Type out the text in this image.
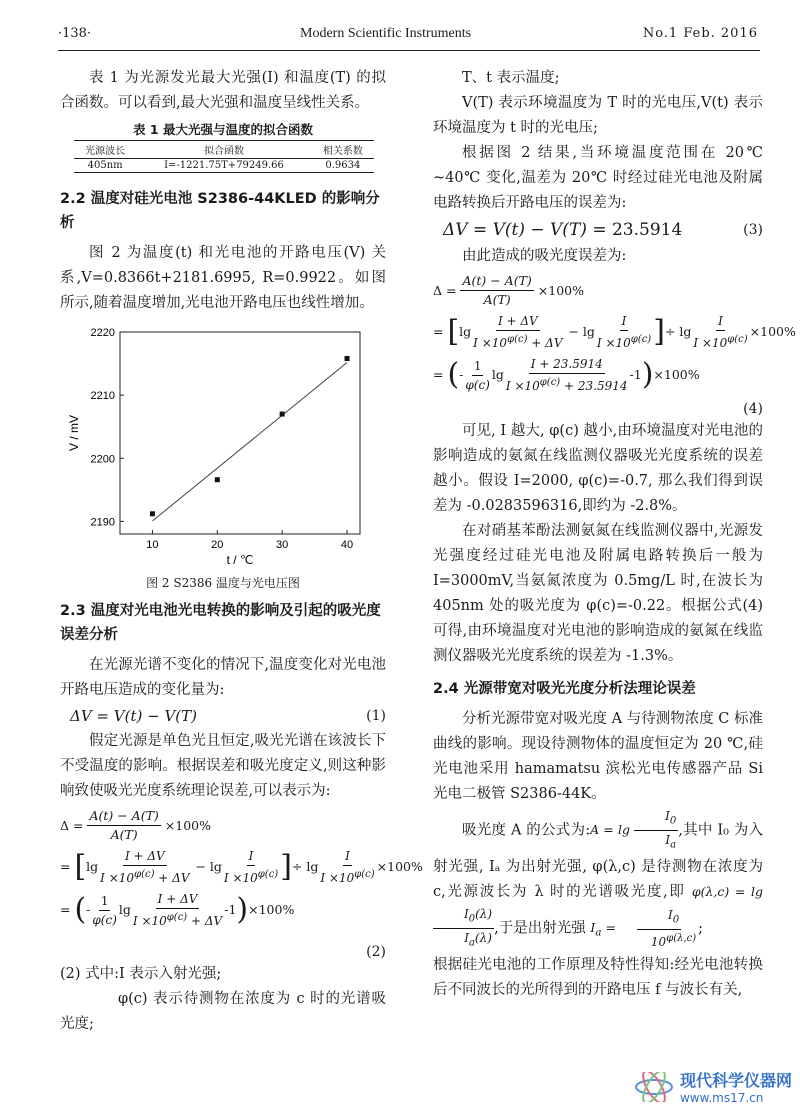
·138·	Modern Scientific Instruments	No.1 Feb. 2016

表 1 为光源发光最大光强(I) 和温度(T) 的拟合函数。可以看到,最大光强和温度呈线性关系。

表 1 最大光强与温度的拟合函数
光源波长	拟合函数	相关系数
405nm	I=-1221.75T+79249.66	0.9634
2.2 温度对硅光电池 S2386-44KLED 的影响分析

图 2 为温度(t) 和光电池的开路电压(V) 关系,V=0.8366t+2181.6995, R=0.9922。如图所示,随着温度增加,光电池开路电压也线性增加。

10	20	30	40
2190
2200
2210
2220
t / ℃
V / mV
图 2 S2386 温度与光电压图
2.3 温度对光电池光电转换的影响及引起的吸光度误差分析

在光源光谱不变化的情况下,温度变化对光电池开路电压造成的变化量为:

ΔV = V(t) − V(T)	(1)

假定光源是单色光且恒定,吸光光谱在该波长下不受温度的影响。根据误差和吸光度定义,则这种影响致使吸光光度系统理论误差,可以表示为:

$\Delta = \frac{A(t) - A(T)}{A(T)} \times 100\%$
= [ $\lg \frac{I + \Delta V}{I \times 10^{\varphi(c)} + \Delta V} - \lg \frac{I}{I \times 10^{\varphi(c)}}$ ] ÷ $\lg \frac{I}{I \times 10^{\varphi(c)}} \times 100\%$
= ( - $\frac{1}{\varphi(c)}$ $\lg \frac{I + \Delta V}{I \times 10^{\varphi(c)} + \Delta V} -1$ ) ×100%
(2)

(2) 式中:I 表示入射光强;

φ(c) 表示待测物在浓度为 c 时的光谱吸光度;

T、t 表示温度;

V(T) 表示环境温度为 T 时的光电压,V(t) 表示环境温度为 t 时的光电压;

根据图 2 结果,当环境温度范围在 20℃ ~40℃ 变化,温差为 20℃ 时经过硅光电池及附属电路转换后开路电压的误差为:

ΔV = V(t) − V(T) = 23.5914	(3)

由此造成的吸光度误差为:

$\Delta = \frac{A(t) - A(T)}{A(T)} \times 100\%$
= [ $\lg \frac{I + \Delta V}{I \times 10^{\varphi(c)} + \Delta V} - \lg \frac{I}{I \times 10^{\varphi(c)}}$ ] ÷ $\lg \frac{I}{I \times 10^{\varphi(c)}} \times 100\%$
= ( - $\frac{1}{\varphi(c)}$ $\lg \frac{I + 23.5914}{I \times 10^{\varphi(c)} + 23.5914} -1$ ) ×100%
(4)

可见, I 越大, φ(c) 越小,由环境温度对光电池的影响造成的氨氮在线监测仪器吸光光度系统的误差越小。假设 I=2000, φ(c)=-0.7, 那么我们得到误差为 -0.0283596316,即约为 -2.8%。

在对硝基苯酚法测氨氮在线监测仪器中,光源发光强度经过硅光电池及附属电路转换后一般为 I=3000mV,当氨氮浓度为 0.5mg/L 时,在波长为 405nm 处的吸光度为 φ(c)=-0.22。根据公式(4) 可得,由环境温度对光电池的影响造成的氨氮在线监测仪器吸光光度系统的误差为 -1.3%。

2.4 光源带宽对吸光光度分析法理论误差

分析光源带宽对吸光度 A 与待测物浓度 C 标准曲线的影响。现设待测物体的温度恒定为 20 ℃,硅光电池采用 hamamatsu 滨松光电传感器产品 Si 光电二极管 S2386-44K。

吸光度 A 的公式为:A = $\lg \frac{I_0}{I_a}$ ,其中 I₀ 为入射光强, Iₐ 为出射光强, φ(λ,c) 是待测物在浓度为 c,光源波长为 λ 时的光谱吸光度,即 φ(λ,c) = lg
$\frac{I_0(\lambda)}{I_a(\lambda)}$ ,于是出射光强 $I_a = \frac{I_0}{10^{\varphi(\lambda,c)}}$ ;

根据硅光电池的工作原理及特性得知:经光电池转换后不同波长的光所得到的开路电压 f 与波长有关,

现代科学仪器网
www.ms17.cn
